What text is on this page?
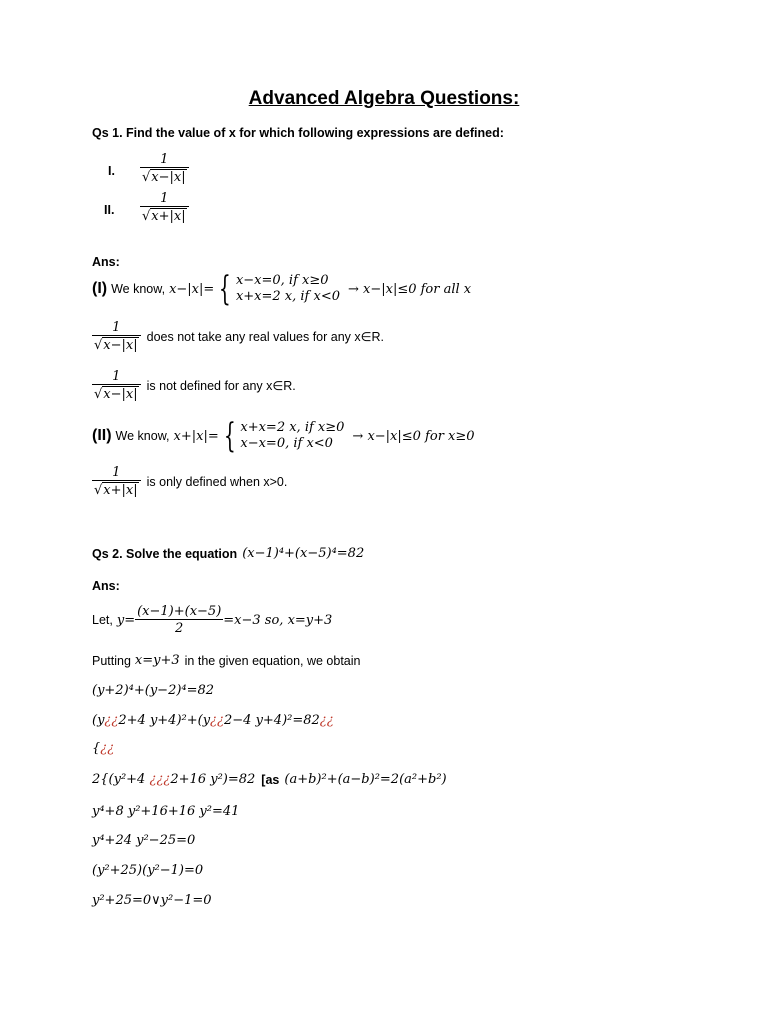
Advanced Algebra Questions:
Qs 1. Find the value of x for which following expressions are defined:
I. $\frac{1}{√x-|x|}$
II. $\frac{1}{√x+|x|}$
Ans:
(I) We know, x−|x|= { x−x=0, if x≥0
x+x=2 x, if x<0 → x−|x|≤0 for all x
$\frac{1}{√x-|x|}$ does not take any real values for any x∈R.
$\frac{1}{√x-|x|}$ is not defined for any x∈R.
(II) We know, x+|x|= { x+x=2 x, if x≥0
x−x=0, if x<0	→ x−|x|≤0 for x≥0
$\frac{1}{√x+|x|}$ is only defined when x>0.
Qs 2. Solve the equation (x−1)⁴+(x−5)⁴=82
Ans:
Let, $y= \frac{(x-1)+(x-5)}{2} =x-3$ so, x=y+3
Putting x=y+3 in the given equation, we obtain
(y+2)⁴+(y−2)⁴=82
(y¿¿2+4 y+4)²+(y¿¿2−4 y+4)²=82¿¿
{¿¿
2{(y²+4 ¿¿¿2+16 y²)=82 [as (a+b)²+(a−b)²=2(a²+b²)
y⁴+8 y²+16+16 y²=41
y⁴+24 y²−25=0
(y²+25)(y²−1)=0
y²+25=0∨y²−1=0
